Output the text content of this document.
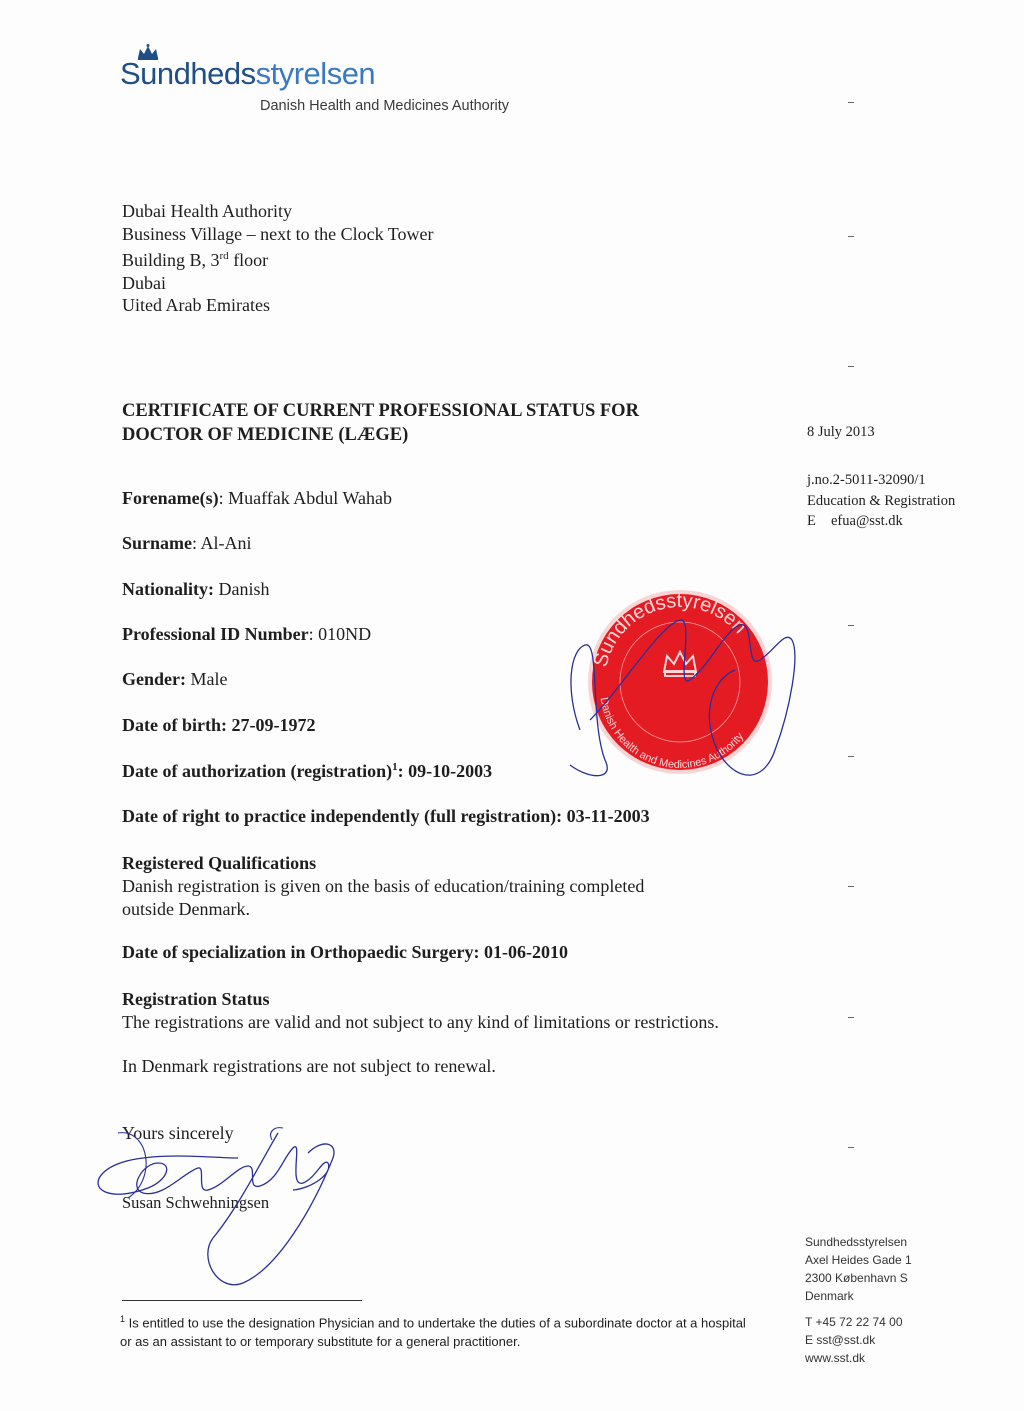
Sundhedsstyrelsen
Danish Health and Medicines Authority
Dubai Health Authority
Business Village – next to the Clock Tower
Building B, 3rd floor
Dubai
Uited Arab Emirates
CERTIFICATE OF CURRENT PROFESSIONAL STATUS FOR
DOCTOR OF MEDICINE (LÆGE)	8 July 2013
j.no.2-5011-32090/1
Education & Registration
E efua@sst.dk
Forename(s): Muaffak Abdul Wahab
Surname: Al-Ani
Nationality: Danish
Professional ID Number: 010ND
Gender: Male
Date of birth: 27-09-1972
Date of authorization (registration)$^1$: 09-10-2003
Date of right to practice independently (full registration): 03-11-2003
Registered Qualifications
Danish registration is given on the basis of education/training completed outside Denmark.
Date of specialization in Orthopaedic Surgery: 01-06-2010
Registration Status
The registrations are valid and not subject to any kind of limitations or restrictions.
In Denmark registrations are not subject to renewal.
Yours sincerely
Susan Schwehningsen
Sundhedsstyrelsen
Danish Health and Medicines Authority
$^1$ Is entitled to use the designation Physician and to undertake the duties of a subordinate doctor at a hospital or as an assistant to or temporary substitute for a general practitioner.
Sundhedsstyrelsen
Axel Heides Gade 1
2300 København S
Denmark
T +45 72 22 74 00
E sst@sst.dk
www.sst.dk
